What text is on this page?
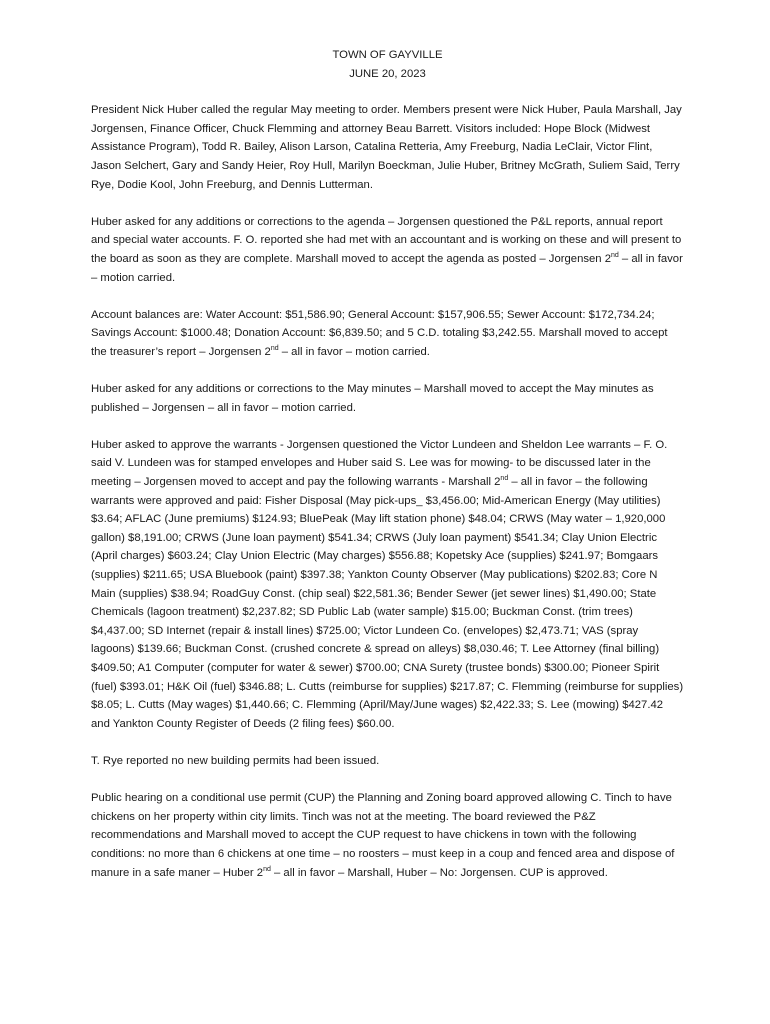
TOWN OF GAYVILLE
JUNE 20, 2023

President Nick Huber called the regular May meeting to order. Members present were Nick Huber, Paula Marshall, Jay Jorgensen, Finance Officer, Chuck Flemming and attorney Beau Barrett. Visitors included: Hope Block (Midwest Assistance Program), Todd R. Bailey, Alison Larson, Catalina Retteria, Amy Freeburg, Nadia LeClair, Victor Flint, Jason Selchert, Gary and Sandy Heier, Roy Hull, Marilyn Boeckman, Julie Huber, Britney McGrath, Suliem Said, Terry Rye, Dodie Kool, John Freeburg, and Dennis Lutterman.

Huber asked for any additions or corrections to the agenda – Jorgensen questioned the P&L reports, annual report and special water accounts. F. O. reported she had met with an accountant and is working on these and will present to the board as soon as they are complete. Marshall moved to accept the agenda as posted – Jorgensen 2nd – all in favor – motion carried.

Account balances are: Water Account: $51,586.90; General Account: $157,906.55; Sewer Account: $172,734.24; Savings Account: $1000.48; Donation Account: $6,839.50; and 5 C.D. totaling $3,242.55. Marshall moved to accept the treasurer’s report – Jorgensen 2nd – all in favor – motion carried.

Huber asked for any additions or corrections to the May minutes – Marshall moved to accept the May minutes as published – Jorgensen – all in favor – motion carried.

Huber asked to approve the warrants - Jorgensen questioned the Victor Lundeen and Sheldon Lee warrants – F. O. said V. Lundeen was for stamped envelopes and Huber said S. Lee was for mowing- to be discussed later in the meeting – Jorgensen moved to accept and pay the following warrants - Marshall 2nd – all in favor – the following warrants were approved and paid: Fisher Disposal (May pick-ups_ $3,456.00; Mid-American Energy (May utilities) $3.64; AFLAC (June premiums) $124.93; BluePeak (May lift station phone) $48.04; CRWS (May water – 1,920,000 gallon) $8,191.00; CRWS (June loan payment) $541.34; CRWS (July loan payment) $541.34; Clay Union Electric (April charges) $603.24; Clay Union Electric (May charges) $556.88; Kopetsky Ace (supplies) $241.97; Bomgaars (supplies) $211.65; USA Bluebook (paint) $397.38; Yankton County Observer (May publications) $202.83; Core N Main (supplies) $38.94; RoadGuy Const. (chip seal) $22,581.36; Bender Sewer (jet sewer lines) $1,490.00; State Chemicals (lagoon treatment) $2,237.82; SD Public Lab (water sample) $15.00; Buckman Const. (trim trees) $4,437.00; SD Internet (repair & install lines) $725.00; Victor Lundeen Co. (envelopes) $2,473.71; VAS (spray lagoons) $139.66; Buckman Const. (crushed concrete & spread on alleys) $8,030.46; T. Lee Attorney (final billing) $409.50; A1 Computer (computer for water & sewer) $700.00; CNA Surety (trustee bonds) $300.00; Pioneer Spirit (fuel) $393.01; H&K Oil (fuel) $346.88; L. Cutts (reimburse for supplies) $217.87; C. Flemming (reimburse for supplies) $8.05; L. Cutts (May wages) $1,440.66; C. Flemming (April/May/June wages) $2,422.33; S. Lee (mowing) $427.42 and Yankton County Register of Deeds (2 filing fees) $60.00.

T. Rye reported no new building permits had been issued.

Public hearing on a conditional use permit (CUP) the Planning and Zoning board approved allowing C. Tinch to have chickens on her property within city limits. Tinch was not at the meeting. The board reviewed the P&Z recommendations and Marshall moved to accept the CUP request to have chickens in town with the following conditions: no more than 6 chickens at one time – no roosters – must keep in a coup and fenced area and dispose of manure in a safe maner – Huber 2nd – all in favor – Marshall, Huber – No: Jorgensen. CUP is approved.
